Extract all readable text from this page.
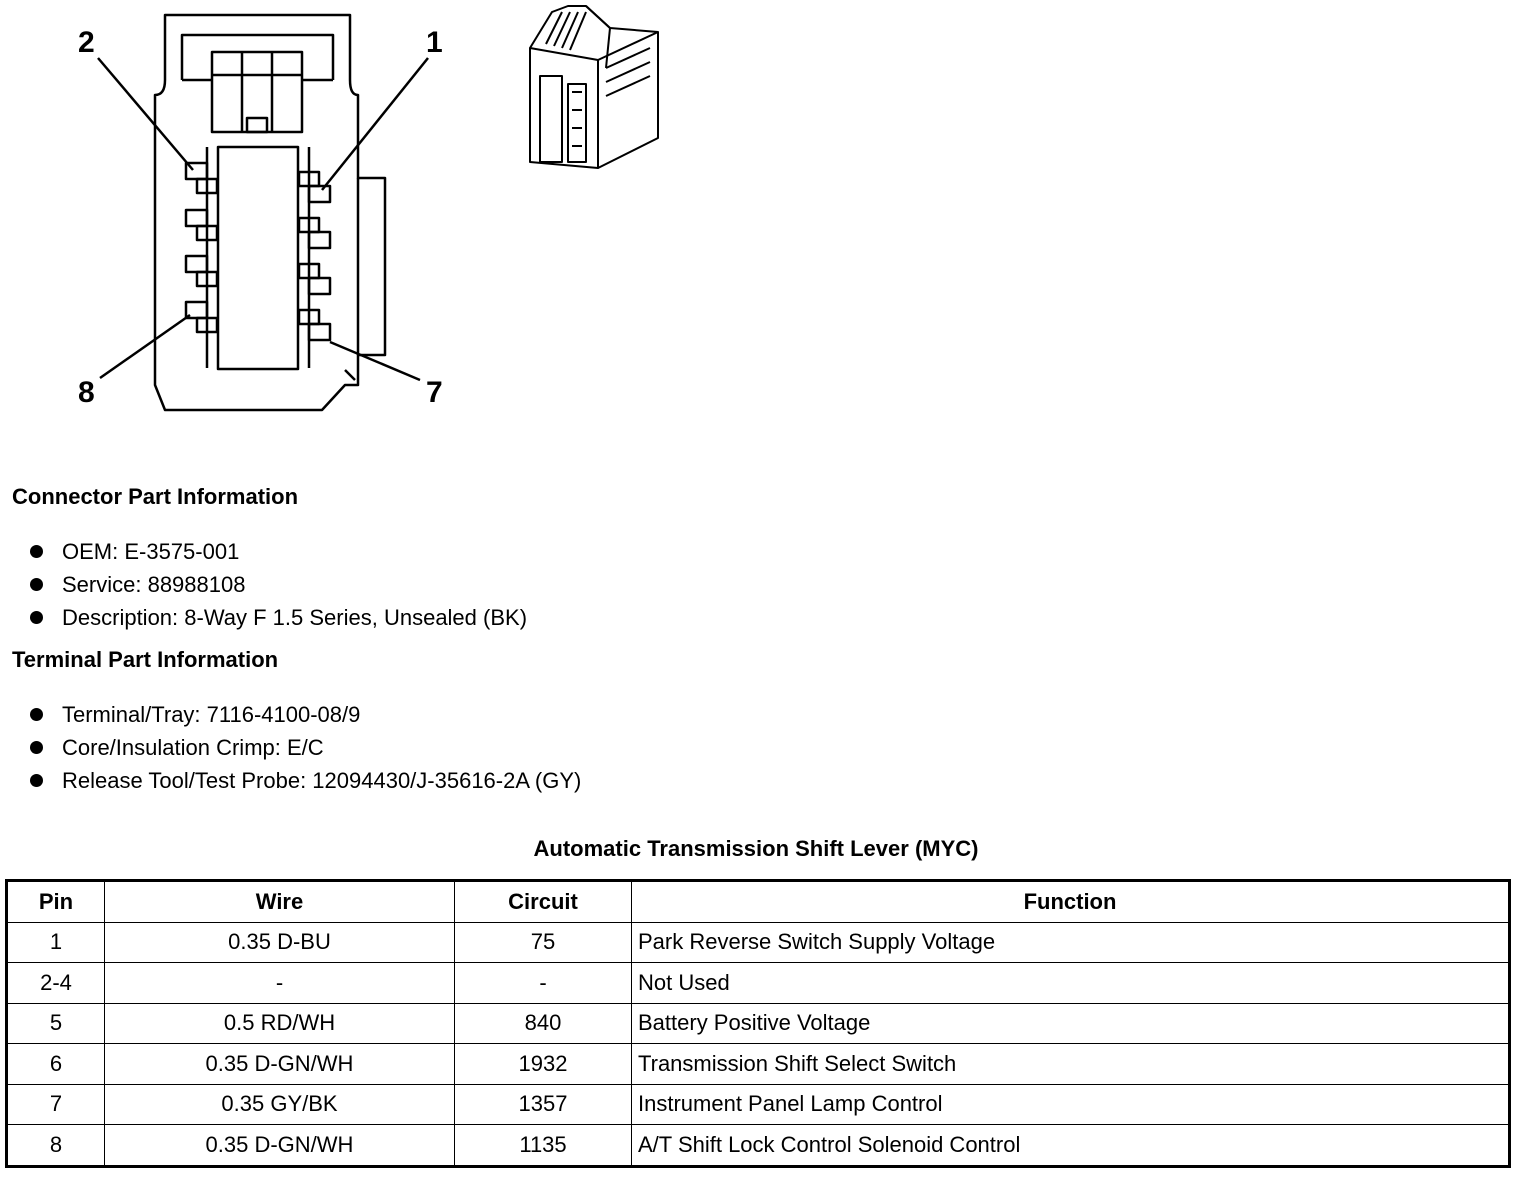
2	1
8	7
Connector Part Information
OEM: E-3575-001
Service: 88988108
Description: 8-Way F 1.5 Series, Unsealed (BK)
Terminal Part Information
Terminal/Tray: 7116-4100-08/9
Core/Insulation Crimp: E/C
Release Tool/Test Probe: 12094430/J-35616-2A (GY)
Automatic Transmission Shift Lever (MYC)
Pin	Wire	Circuit	Function
1	0.35 D-BU	75	Park Reverse Switch Supply Voltage
2-4	-	-	Not Used
5	0.5 RD/WH	840	Battery Positive Voltage
6	0.35 D-GN/WH	1932	Transmission Shift Select Switch
7	0.35 GY/BK	1357	Instrument Panel Lamp Control
8	0.35 D-GN/WH	1135	A/T Shift Lock Control Solenoid Control
